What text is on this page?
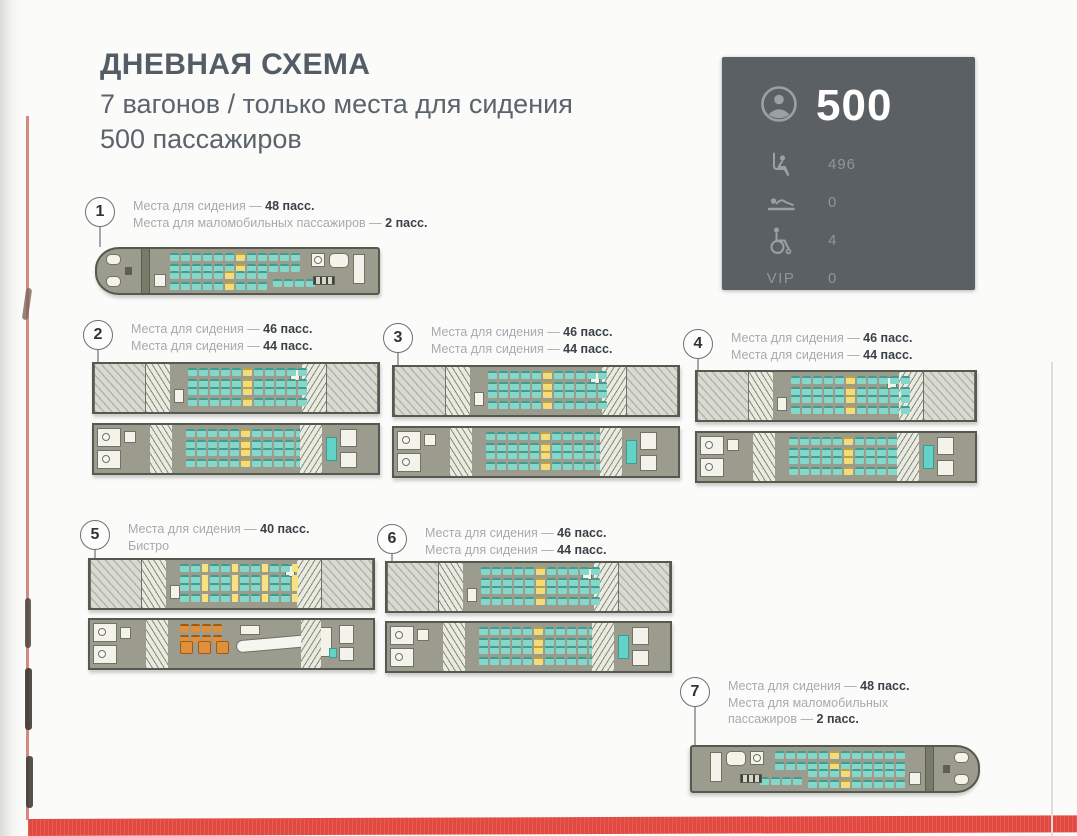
ДНЕВНАЯ СХЕМА
7 вагонов / только места для сидения
500 пассажиров
500
496
0
4
VIP 0
1 Места для сидения — 48 пасс.
Места для маломобильных пассажиров — 2 пасс.
2 Места для сидения — 46 пасс.
Места для сидения — 44 пасс.	3 Места для сидения — 46 пасс.
Места для сидения — 44 пасс.	4 Места для сидения — 46 пасс.
Места для сидения — 44 пасс.
5 Места для сидения — 40 пасс.
Бистро	6 Места для сидения — 46 пасс.
Места для сидения — 44 пасс.
7 Места для сидения — 48 пасс.
Места для маломобильных
пассажиров — 2 пасс.
